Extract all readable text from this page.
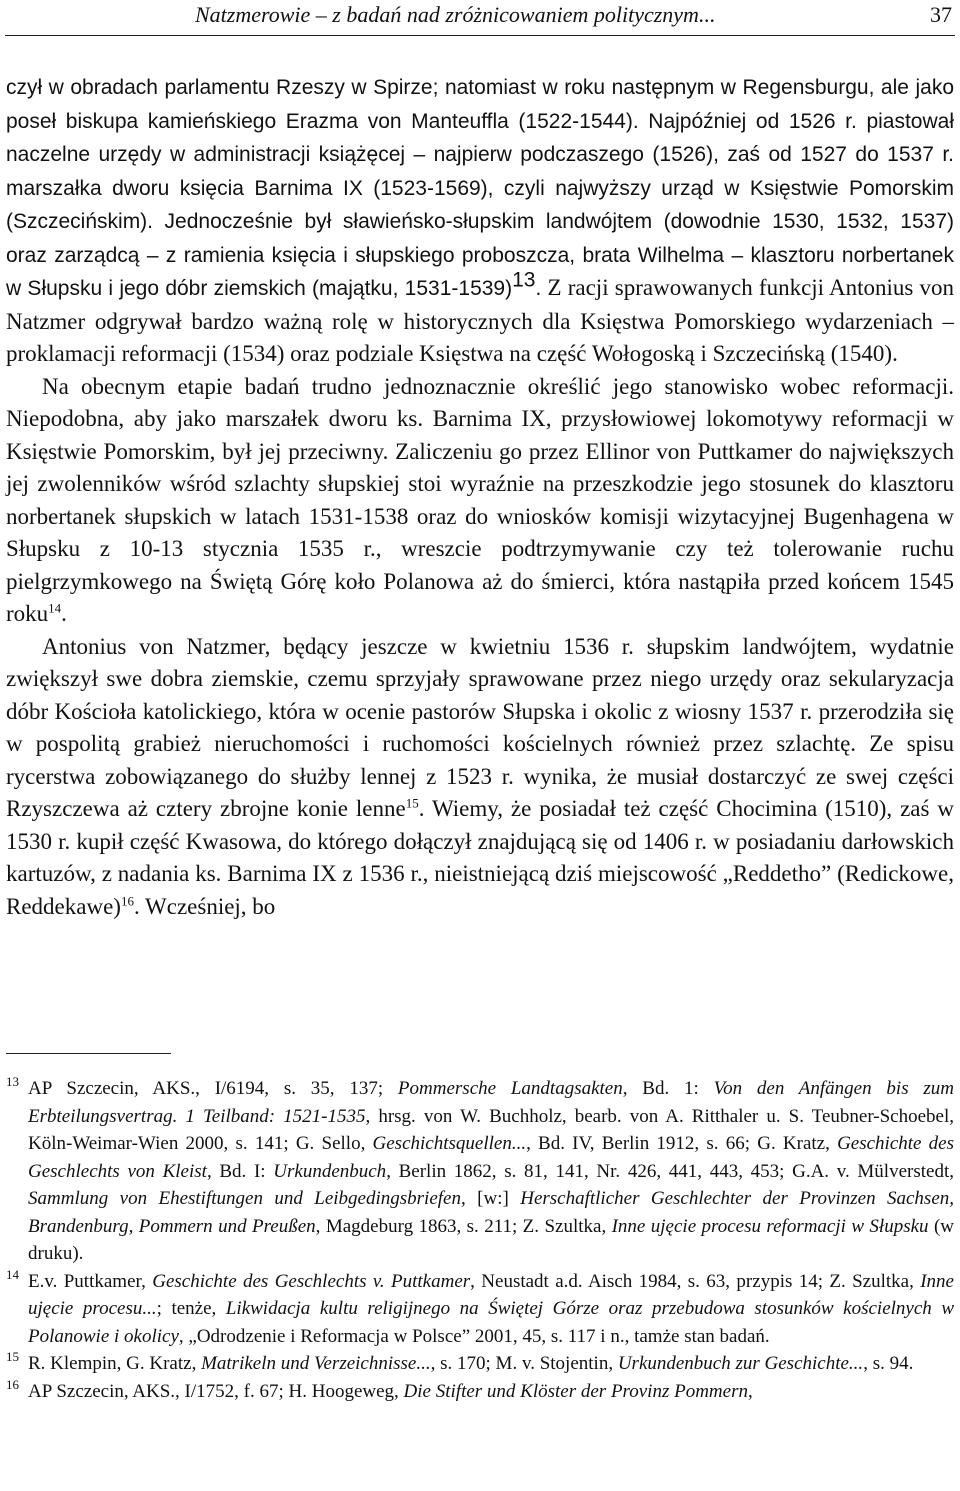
Natzmerowie – z badań nad zróżnicowaniem politycznym...	37

czył w obradach parlamentu Rzeszy w Spirze; natomiast w roku następnym w Regensburgu, ale jako poseł biskupa kamieńskiego Erazma von Manteuffla (1522-1544). Najpóźniej od 1526 r. piastował naczelne urzędy w administracji książęcej – najpierw podczaszego (1526), zaś od 1527 do 1537 r. marszałka dworu księcia Barnima IX (1523-1569), czyli najwyższy urząd w Księstwie Pomorskim (Szczecińskim). Jednocześnie był sławieńsko-słupskim landwójtem (dowodnie 1530, 1532, 1537) oraz zarządcą – z ramienia księcia i słupskiego proboszcza, brata Wilhelma – klasztoru norbertanek w Słupsku i jego dóbr ziemskich (majątku, 1531-1539)$^{13}$. Z racji sprawowanych funkcji Antonius von Natzmer odgrywał bardzo ważną rolę w historycznych dla Księstwa Pomorskiego wydarzeniach – proklamacji reformacji (1534) oraz podziale Księstwa na część Wołogoską i Szczecińską (1540).

Na obecnym etapie badań trudno jednoznacznie określić jego stanowisko wobec reformacji. Niepodobna, aby jako marszałek dworu ks. Barnima IX, przysłowiowej lokomotywy reformacji w Księstwie Pomorskim, był jej przeciwny. Zaliczeniu go przez Ellinor von Puttkamer do największych jej zwolenników wśród szlachty słupskiej stoi wyraźnie na przeszkodzie jego stosunek do klasztoru norbertanek słupskich w latach 1531-1538 oraz do wniosków komisji wizytacyjnej Bugenhagena w Słupsku z 10-13 stycznia 1535 r., wreszcie podtrzymywanie czy też tolerowanie ruchu pielgrzymkowego na Świętą Górę koło Polanowa aż do śmierci, która nastąpiła przed końcem 1545 roku$^{14}$.

Antonius von Natzmer, będący jeszcze w kwietniu 1536 r. słupskim landwójtem, wydatnie zwiększył swe dobra ziemskie, czemu sprzyjały sprawowane przez niego urzędy oraz sekularyzacja dóbr Kościoła katolickiego, która w ocenie pastorów Słupska i okolic z wiosny 1537 r. przerodziła się w pospolitą grabież nieruchomości i ruchomości kościelnych również przez szlachtę. Ze spisu rycerstwa zobowiązanego do służby lennej z 1523 r. wynika, że musiał dostarczyć ze swej części Rzyszczewa aż cztery zbrojne konie lenne$^{15}$. Wiemy, że posiadał też część Chocimina (1510), zaś w 1530 r. kupił część Kwasowa, do którego dołączył znajdującą się od 1406 r. w posiadaniu darłowskich kartuzów, z nadania ks. Barnima IX z 1536 r., nieistniejącą dziś miejscowość „Reddetho” (Redickowe, Reddekawe)$^{16}$. Wcześniej, bo

13 AP Szczecin, AKS., I/6194, s. 35, 137; Pommersche Landtagsakten, Bd. 1: Von den Anfängen bis zum Erbteilungsvertrag. 1 Teilband: 1521-1535, hrsg. von W. Buchholz, bearb. von A. Ritthaler u. S. Teubner-Schoebel, Köln-Weimar-Wien 2000, s. 141; G. Sello, Geschichtsquellen..., Bd. IV, Berlin 1912, s. 66; G. Kratz, Geschichte des Geschlechts von Kleist, Bd. I: Urkundenbuch, Berlin 1862, s. 81, 141, Nr. 426, 441, 443, 453; G.A. v. Mülverstedt, Sammlung von Ehestiftungen und Leibgedingsbriefen, [w:] Herschaftlicher Geschlechter der Provinzen Sachsen, Brandenburg, Pommern und Preußen, Magdeburg 1863, s. 211; Z. Szultka, Inne ujęcie procesu reformacji w Słupsku (w druku).

14 E.v. Puttkamer, Geschichte des Geschlechts v. Puttkamer, Neustadt a.d. Aisch 1984, s. 63, przypis 14; Z. Szultka, Inne ujęcie procesu...; tenże, Likwidacja kultu religijnego na Świętej Górze oraz przebudowa stosunków kościelnych w Polanowie i okolicy, „Odrodzenie i Reformacja w Polsce” 2001, 45, s. 117 i n., tamże stan badań.

15 R. Klempin, G. Kratz, Matrikeln und Verzeichnisse..., s. 170; M. v. Stojentin, Urkundenbuch zur Geschichte..., s. 94.

16 AP Szczecin, AKS., I/1752, f. 67; H. Hoogeweg, Die Stifter und Klöster der Provinz Pommern,
